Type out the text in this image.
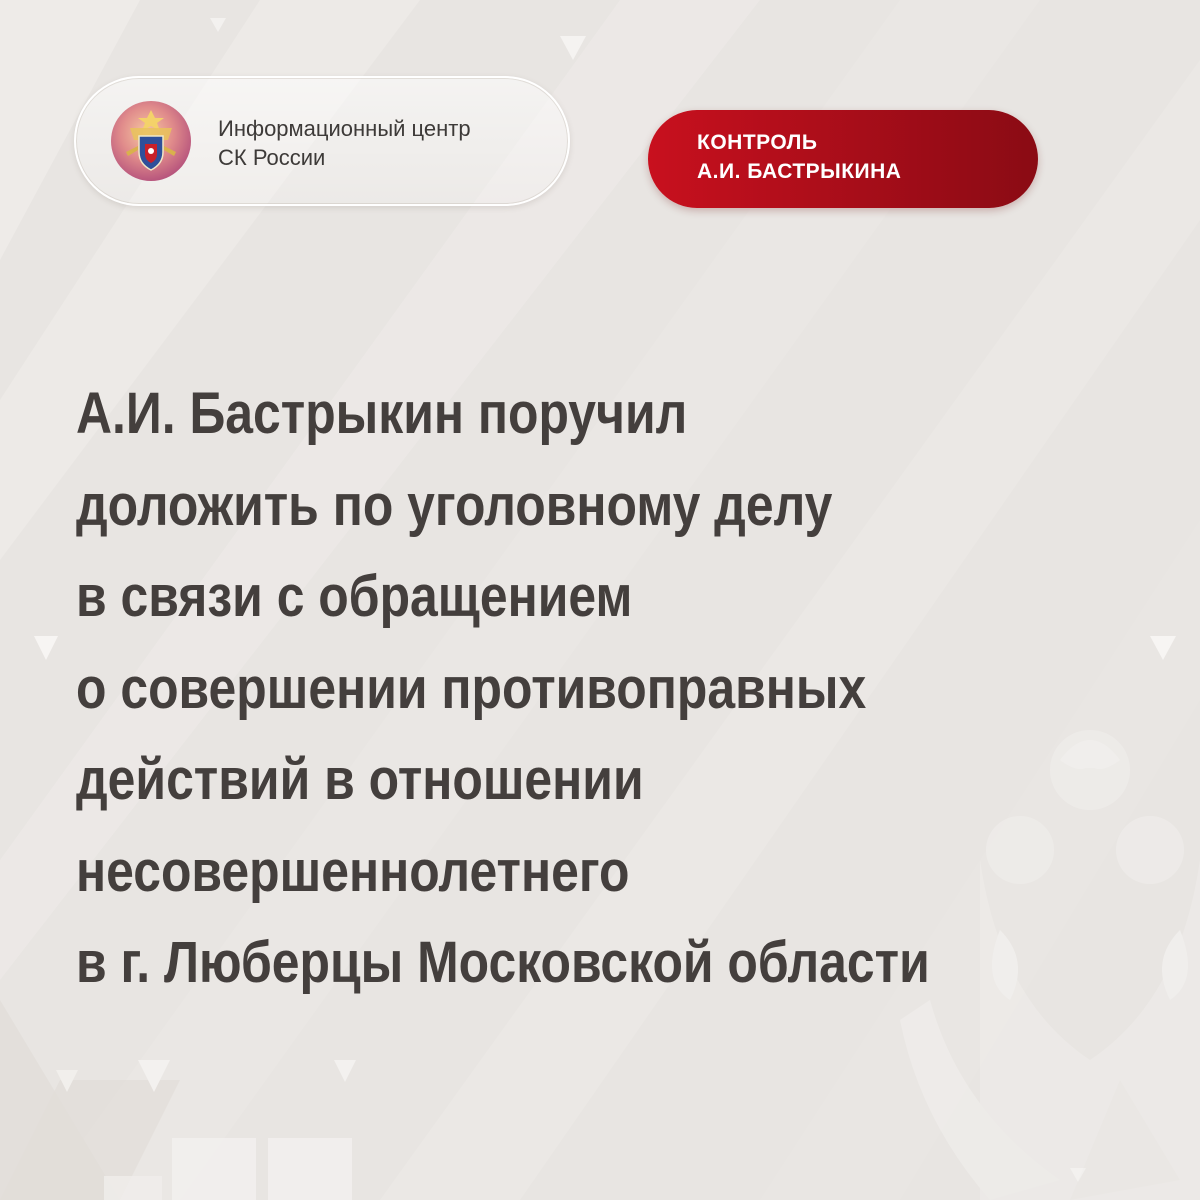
Информационный центр
СК России
КОНТРОЛЬ
А.И. БАСТРЫКИНА
А.И. Бастрыкин поручил
доложить по уголовному делу
в связи с обращением
о совершении противоправных
действий в отношении
несовершеннолетнего
в г. Люберцы Московской области
